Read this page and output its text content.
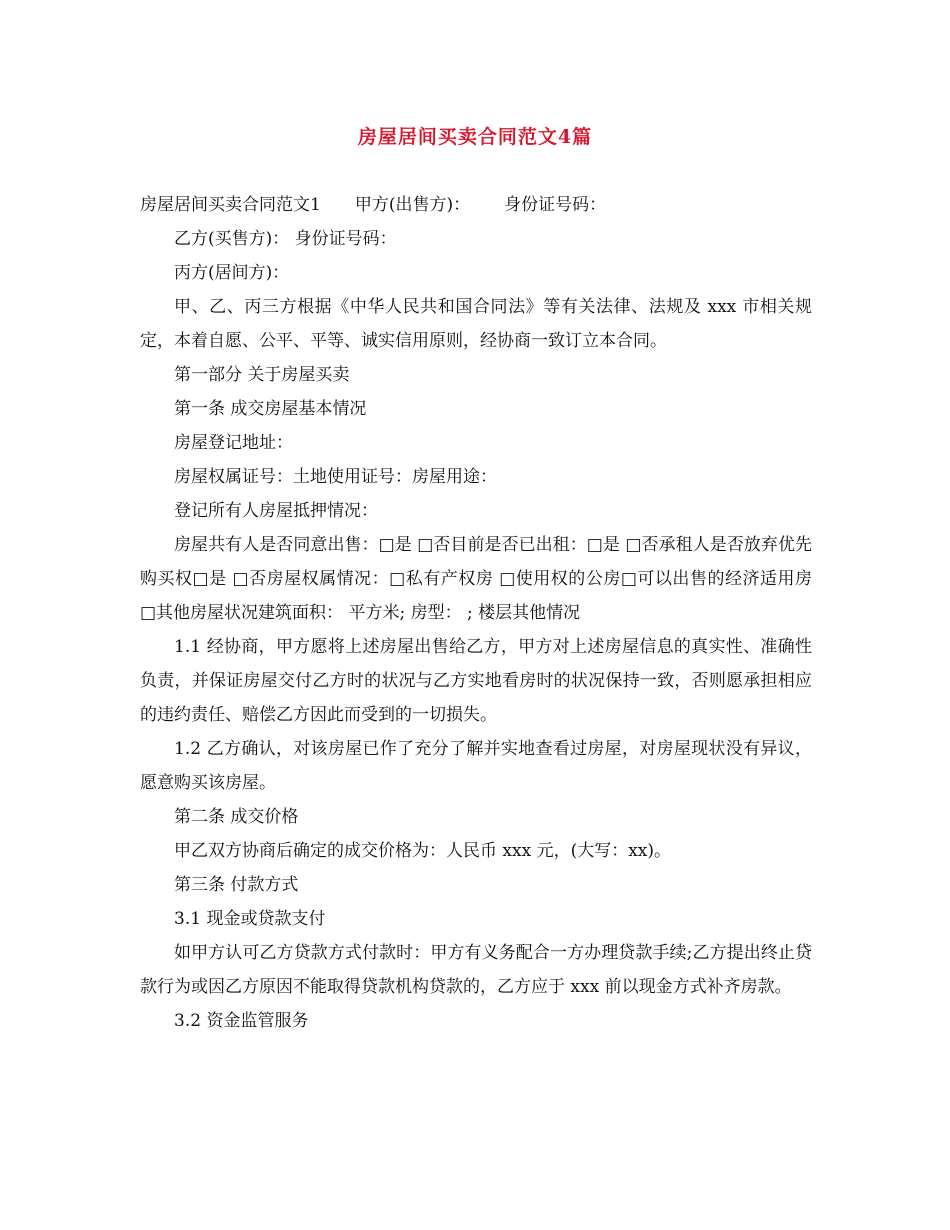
房屋居间买卖合同范文4篇

房屋居间买卖合同范文1 甲方(出售方)： 身份证号码：

乙方(买售方)： 身份证号码：

丙方(居间方)：

甲、乙、丙三方根据《中华人民共和国合同法》等有关法律、法规及 xxx 市相关规定，本着自愿、公平、平等、诚实信用原则，经协商一致订立本合同。

第一部分 关于房屋买卖

第一条 成交房屋基本情况

房屋登记地址：

房屋权属证号：土地使用证号：房屋用途：

登记所有人房屋抵押情况：

房屋共有人是否同意出售：□是 □否目前是否已出租：□是 □否承租人是否放弃优先购买权□是 □否房屋权属情况：□私有产权房 □使用权的公房□可以出售的经济适用房 □其他房屋状况建筑面积： 平方米; 房型： ; 楼层其他情况

1.1 经协商，甲方愿将上述房屋出售给乙方，甲方对上述房屋信息的真实性、准确性负责，并保证房屋交付乙方时的状况与乙方实地看房时的状况保持一致，否则愿承担相应的违约责任、赔偿乙方因此而受到的一切损失。

1.2 乙方确认，对该房屋已作了充分了解并实地查看过房屋，对房屋现状没有异议，愿意购买该房屋。

第二条 成交价格

甲乙双方协商后确定的成交价格为：人民币 xxx 元，(大写：xx)。

第三条 付款方式

3.1 现金或贷款支付

如甲方认可乙方贷款方式付款时：甲方有义务配合一方办理贷款手续;乙方提出终止贷款行为或因乙方原因不能取得贷款机构贷款的，乙方应于 xxx 前以现金方式补齐房款。

3.2 资金监管服务
